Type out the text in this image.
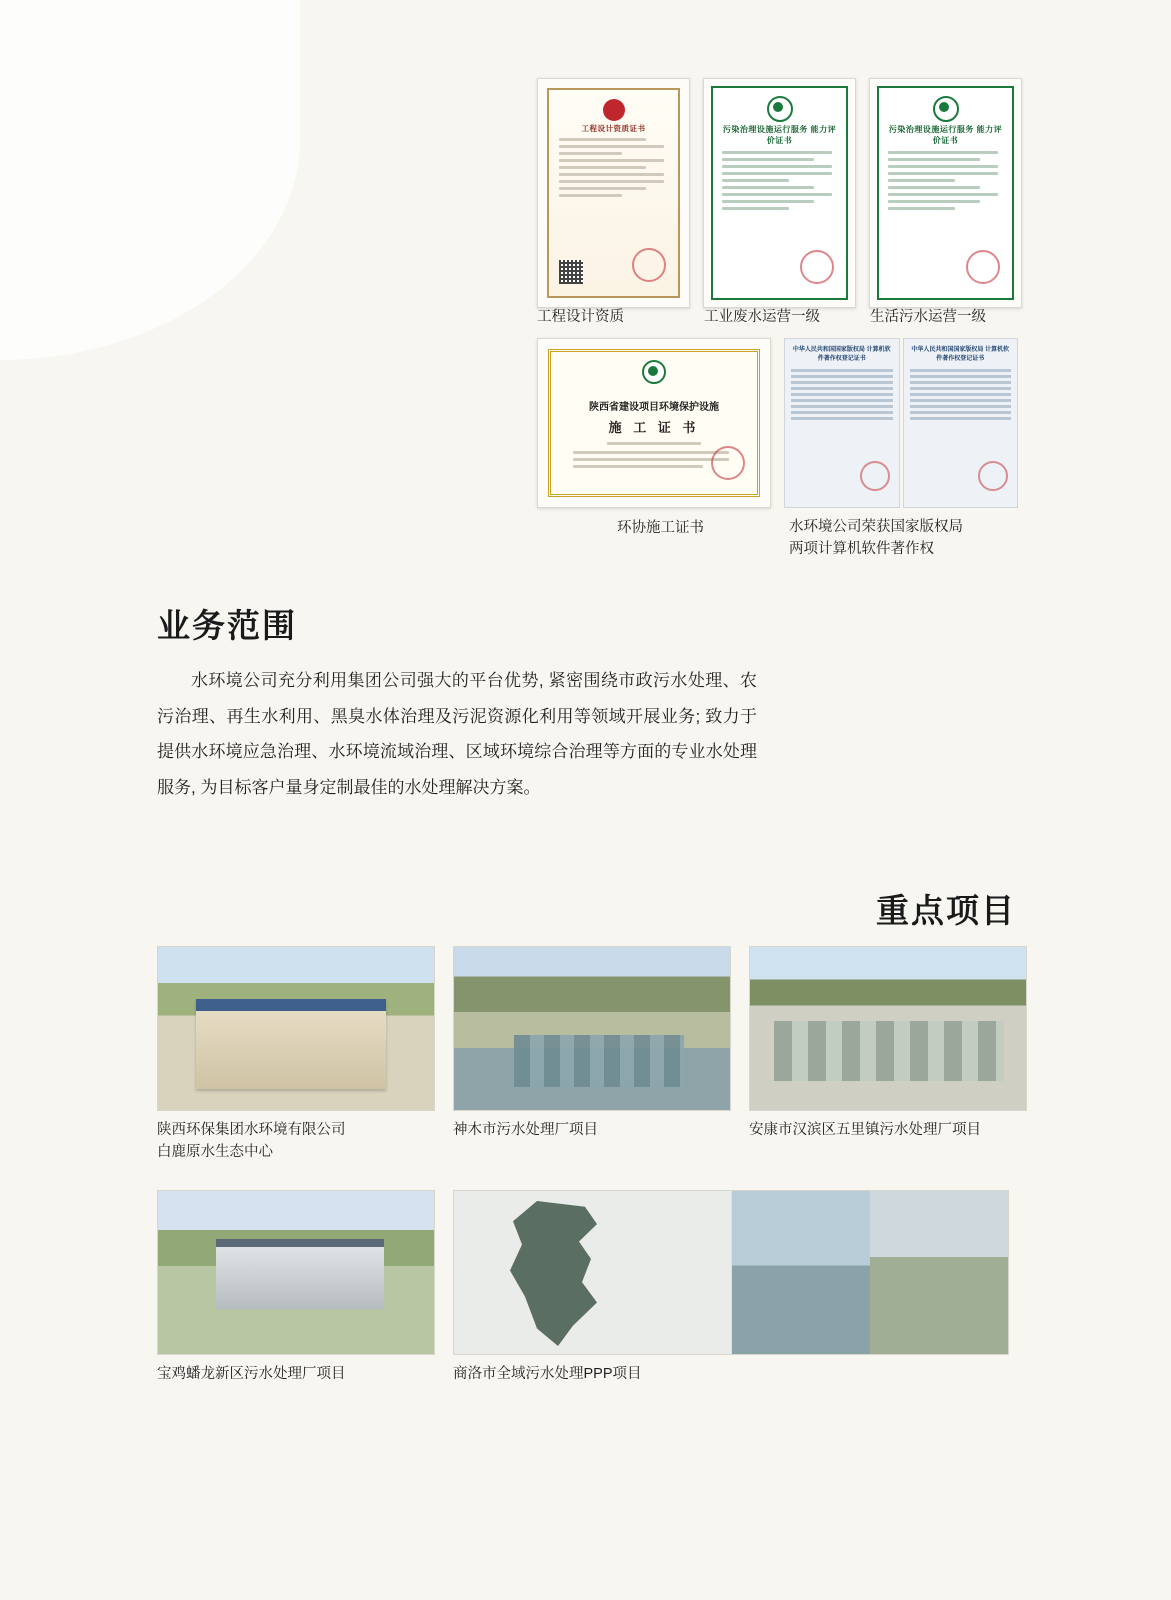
工程设计资质证书
　	污染治理设施运行服务 能力评价证书
污染治理设施运行服务 能力评价证书
工程设计资质	工业废水运营一级	生活污水运营一级
陕西省建设项目环境保护设施
施 工 证 书
中华人民共和国国家版权局 计算机软件著作权登记证书
中华人民共和国国家版权局 计算机软件著作权登记证书
环协施工证书	水环境公司荣获国家版权局
两项计算机软件著作权
业务范围
水环境公司充分利用集团公司强大的平台优势, 紧密围绕市政污水处理、农污治理、再生水利用、黑臭水体治理及污泥资源化利用等领域开展业务; 致力于提供水环境应急治理、水环境流域治理、区域环境综合治理等方面的专业水处理服务, 为目标客户量身定制最佳的水处理解决方案。
重点项目
陕西环保集团水环境有限公司
白鹿原水生态中心
神木市污水处理厂项目	安康市汉滨区五里镇污水处理厂项目
宝鸡蟠龙新区污水处理厂项目	商洛市全域污水处理PPP项目
